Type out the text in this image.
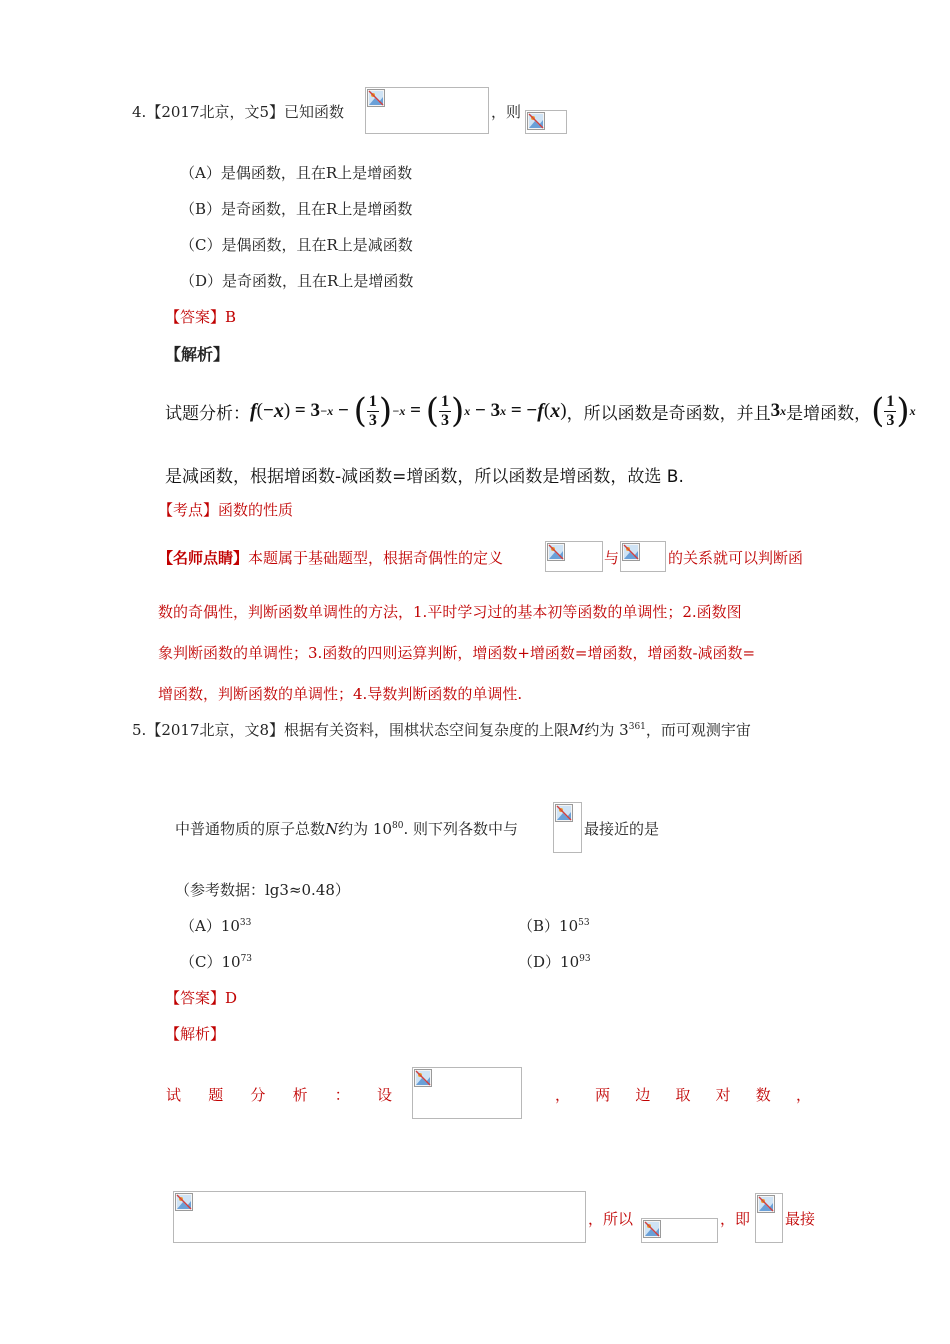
4.【2017北京，文5】已知函数	，则
（A）是偶函数，且在R上是增函数
（B）是奇函数，且在R上是增函数
（C）是偶函数，且在R上是减函数
（D）是奇函数，且在R上是增函数
【答案】B
【解析】
试题分析： f ( − x ) = 3 −x − ( $\frac{1}{3}$ ) −x = ( $\frac{1}{3}$ ) x − 3 x = − f ( x ) ，所以函数是奇函数，并且 3 x 是增函数， ( $\frac{1}{3}$ ) x
是减函数，根据增函数-减函数=增函数，所以函数是增函数，故选 B.
【考点】函数的性质
【名师点睛】本题属于基础题型，根据奇偶性的定义	与	的关系就可以判断函
数的奇偶性，判断函数单调性的方法，1.平时学习过的基本初等函数的单调性；2.函数图
象判断函数的单调性；3.函数的四则运算判断，增函数+增函数=增函数，增函数-减函数=
增函数，判断函数的单调性；4.导数判断函数的单调性.
5.【2017北京，文8】根据有关资料，围棋状态空间复杂度的上限M约为 $3^{361}$，而可观测宇宙
中普通物质的原子总数N约为 $10^{80}$. 则下列各数中与	最接近的是
（参考数据：lg3≈0.48）
$(A)10^{33}$	$(B)10^{53}$
$(C)10^{73}$	$(D)10^{93}$
【答案】D
【解析】
试 题 分 析 ： 设	， 两 边 取 对 数 ，
，所以	，即 最接
